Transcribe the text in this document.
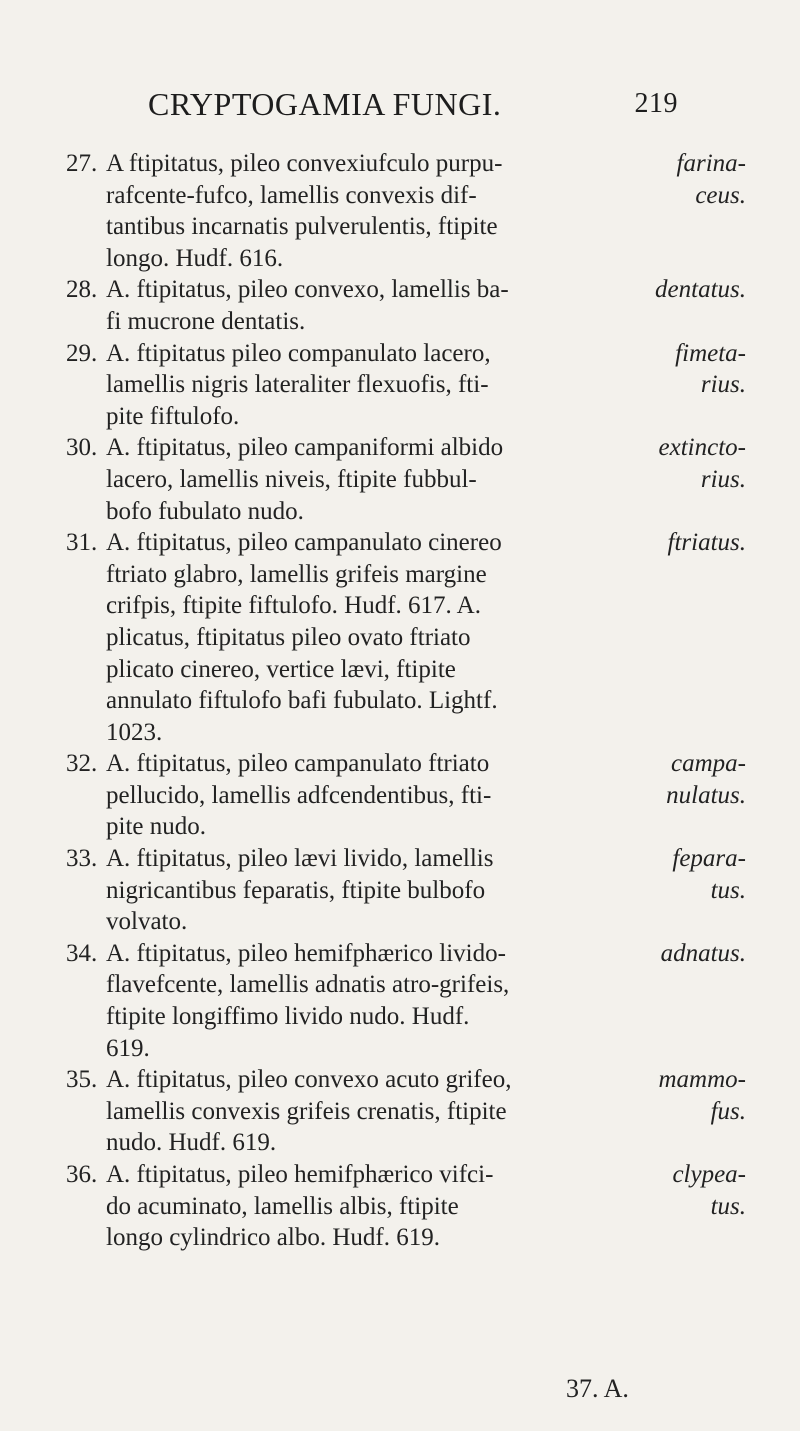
CRYPTOGAMIA FUNGI.	219
27. A ftipitatus, pileo convexiufculo purpu-	farina-
rafcente-fufco, lamellis convexis dif-	ceus.
tantibus incarnatis pulverulentis, ftipite
longo. Hudf. 616.
28. A. ftipitatus, pileo convexo, lamellis ba-	dentatus.
fi mucrone dentatis.
29. A. ftipitatus pileo companulato lacero,	fimeta-
lamellis nigris lateraliter flexuofis, fti-	rius.
pite fiftulofo.
30. A. ftipitatus, pileo campaniformi albido	extincto-
lacero, lamellis niveis, ftipite fubbul-	rius.
bofo fubulato nudo.
31. A. ftipitatus, pileo campanulato cinereo	ftriatus.
ftriato glabro, lamellis grifeis margine
crifpis, ftipite fiftulofo. Hudf. 617. A.
plicatus, ftipitatus pileo ovato ftriato
plicato cinereo, vertice lævi, ftipite
annulato fiftulofo bafi fubulato. Lightf.
1023.
32. A. ftipitatus, pileo campanulato ftriato	campa-
pellucido, lamellis adfcendentibus, fti-	nulatus.
pite nudo.
33. A. ftipitatus, pileo lævi livido, lamellis	fepara-
nigricantibus feparatis, ftipite bulbofo	tus.
volvato.
34. A. ftipitatus, pileo hemifphærico livido-	adnatus.
flavefcente, lamellis adnatis atro-grifeis,
ftipite longiffimo livido nudo. Hudf.
619.
35. A. ftipitatus, pileo convexo acuto grifeo,	mammo-
lamellis convexis grifeis crenatis, ftipite	fus.
nudo. Hudf. 619.
36. A. ftipitatus, pileo hemifphærico vifci-	clypea-
do acuminato, lamellis albis, ftipite	tus.
longo cylindrico albo. Hudf. 619.
37. A.
